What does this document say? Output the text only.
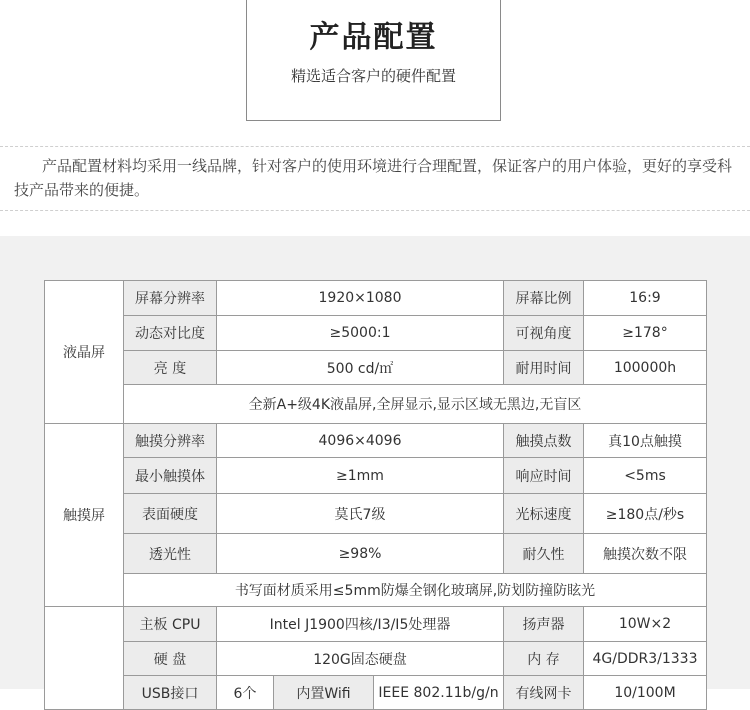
产品配置
精选适合客户的硬件配置
产品配置材料均采用一线品牌，针对客户的使用环境进行合理配置，保证客户的用户体验，更好的享受科技产品带来的便捷。
液晶屏	屏幕分辨率	1920×1080			屏幕比例	16:9
	动态对比度	≥5000:1			可视角度	≥178°
	亮 度	500 cd/㎡			耐用时间	100000h
	全新A+级4K液晶屏,全屏显示,显示区域无黑边,无盲区					
触摸屏	触摸分辨率	4096×4096			触摸点数	真10点触摸
	最小触摸体	≥1mm			响应时间	<5ms
	表面硬度	莫氏7级			光标速度	≥180点/秒s
	透光性	≥98%			耐久性	触摸次数不限
	书写面材质采用≤5mm防爆全钢化玻璃屏,防划防撞防眩光					
	主板 CPU	Intel J1900四核/I3/I5处理器			扬声器	10W×2
	硬 盘	120G固态硬盘			内 存	4G/DDR3/1333
	USB接口	6个	内置Wifi	IEEE 802.11b/g/n	有线网卡	10/100M
